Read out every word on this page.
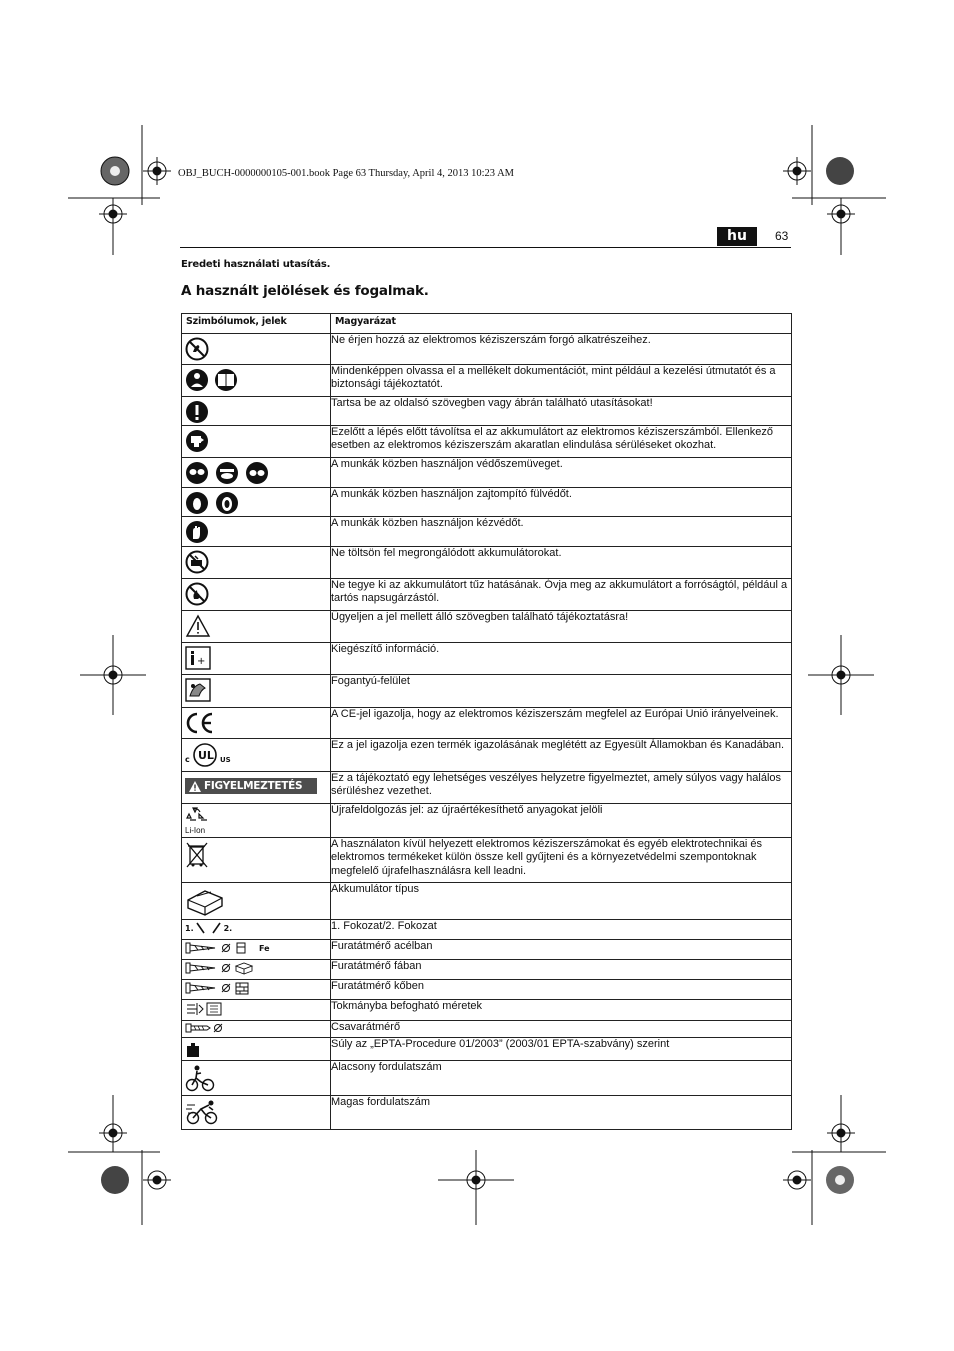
OBJ_BUCH-0000000105-001.book Page 63 Thursday, April 4, 2013 10:23 AM
hu	63
Eredeti használati utasítás.
A használt jelölések és fogalmak.
Szimbólumok, jelek	Magyarázat

	Ne érjen hozzá az elektromos kéziszerszám forgó alkatrészeihez.

	Mindenképpen olvassa el a mellékelt dokumentációt, mint például a kezelési útmutatót és a biztonsági tájékoztatót.

	Tartsa be az oldalsó szövegben vagy ábrán található utasításokat!

	Ezelőtt a lépés előtt távolítsa el az akkumulátort az elektromos kéziszerszámból. Ellenkező esetben az elektromos kéziszerszám akaratlan elindulása sérüléseket okozhat.

	A munkák közben használjon védőszemüveget.

	A munkák közben használjon zajtompító fülvédőt.

	A munkák közben használjon kézvédőt.

	Ne töltsön fel megrongálódott akkumulátorokat.

	Ne tegye ki az akkumulátort tűz hatásának. Óvja meg az akkumulátort a forróságtól, például a tartós napsugárzástól.

	Ügyeljen a jel mellett álló szövegben található tájékoztatásra!

+	Kiegészítő információ.

	Fogantyú-felület

	A CE-jel igazolja, hogy az elektromos kéziszerszám megfelel az Európai Unió irányelveinek.

c UL US	Ez a jel igazolja ezen termék igazolásának meglététt az Egyesült Államokban és Kanadában.

FIGYELMEZTETÉS	Ez a tájékoztató egy lehetséges veszélyes helyzetre figyelmeztet, amely súlyos vagy halálos sérüléshez vezethet.

Li-Ion	Újrafeldolgozás jel: az újraértékesíthető anyagokat jelöli

	A használaton kívül helyezett elektromos kéziszerszámokat és egyéb elektrotechnikai és elektromos termékeket külön össze kell gyűjteni és a környezetvédelmi szempontoknak megfelelő újrafelhasználásra kell leadni.

	Akkumulátor típus

1. 2.	1. Fokozat/2. Fokozat

Fe	Furatátmérő acélban

	Furatátmérő fában

	Furatátmérő kőben

	Tokmányba befogható méretek

	Csavarátmérő

	Súly az „EPTA-Procedure 01/2003” (2003/01 EPTA-szabvány) szerint

	Alacsony fordulatszám

	Magas fordulatszám
